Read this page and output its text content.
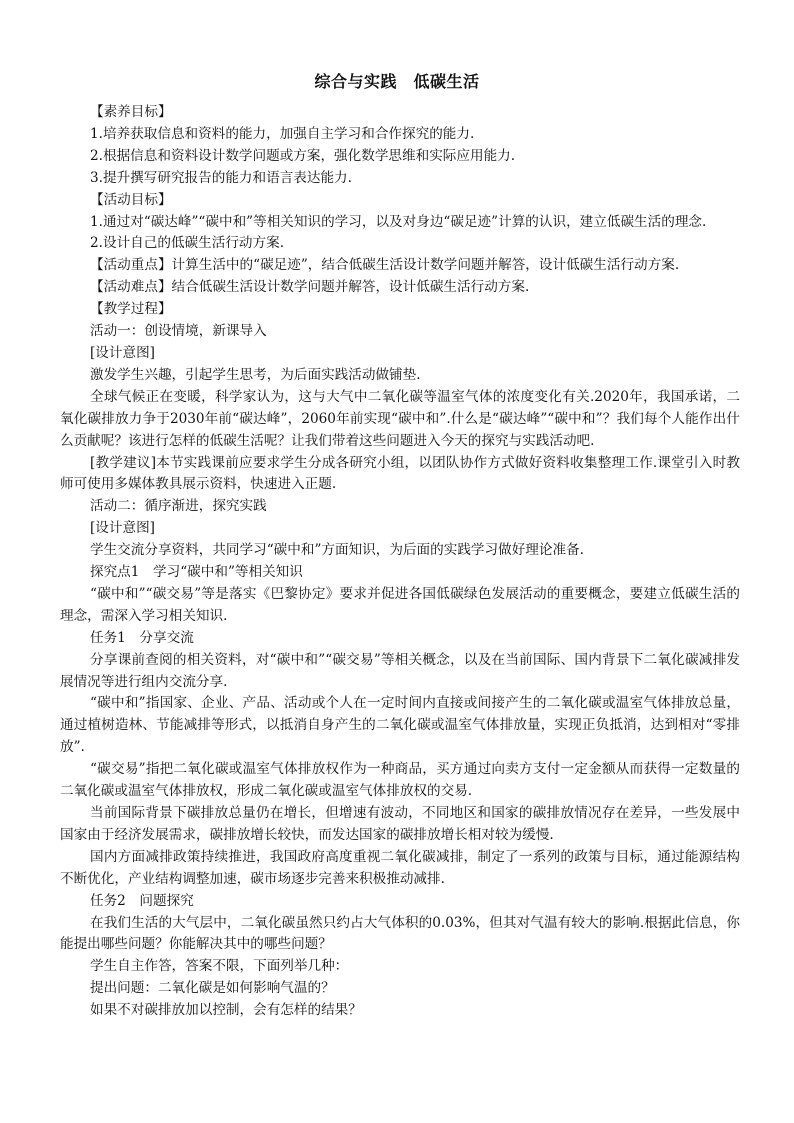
综合与实践　低碳生活

【素养目标】

1.培养获取信息和资料的能力，加强自主学习和合作探究的能力.

2.根据信息和资料设计数学问题或方案，强化数学思维和实际应用能力.

3.提升撰写研究报告的能力和语言表达能力.

【活动目标】

1.通过对“碳达峰”“碳中和”等相关知识的学习，以及对身边“碳足迹”计算的认识，建立低碳生活的理念.

2.设计自己的低碳生活行动方案.

【活动重点】计算生活中的“碳足迹”，结合低碳生活设计数学问题并解答，设计低碳生活行动方案.

【活动难点】结合低碳生活设计数学问题并解答，设计低碳生活行动方案.

【教学过程】

活动一：创设情境，新课导入

[设计意图]

激发学生兴趣，引起学生思考，为后面实践活动做铺垫.

全球气候正在变暖，科学家认为，这与大气中二氧化碳等温室气体的浓度变化有关.2020年，我国承诺，二氧化碳排放力争于2030年前“碳达峰”，2060年前实现“碳中和”.什么是“碳达峰”“碳中和”？我们每个人能作出什么贡献呢？该进行怎样的低碳生活呢？让我们带着这些问题进入今天的探究与实践活动吧.

[教学建议]本节实践课前应要求学生分成各研究小组，以团队协作方式做好资料收集整理工作.课堂引入时教师可使用多媒体教具展示资料，快速进入正题.

活动二：循序渐进，探究实践

[设计意图]

学生交流分享资料，共同学习“碳中和”方面知识，为后面的实践学习做好理论准备.

探究点1　学习“碳中和”等相关知识

“碳中和”“碳交易”等是落实《巴黎协定》要求并促进各国低碳绿色发展活动的重要概念，要建立低碳生活的理念，需深入学习相关知识.

任务1　分享交流

分享课前查阅的相关资料，对“碳中和”“碳交易”等相关概念，以及在当前国际、国内背景下二氧化碳减排发展情况等进行组内交流分享.

“碳中和”指国家、企业、产品、活动或个人在一定时间内直接或间接产生的二氧化碳或温室气体排放总量，通过植树造林、节能减排等形式，以抵消自身产生的二氧化碳或温室气体排放量，实现正负抵消，达到相对“零排放”.

“碳交易”指把二氧化碳或温室气体排放权作为一种商品，买方通过向卖方支付一定金额从而获得一定数量的二氧化碳或温室气体排放权，形成二氧化碳或温室气体排放权的交易.

当前国际背景下碳排放总量仍在增长，但增速有波动，不同地区和国家的碳排放情况存在差异，一些发展中国家由于经济发展需求，碳排放增长较快，而发达国家的碳排放增长相对较为缓慢.

国内方面减排政策持续推进，我国政府高度重视二氧化碳减排，制定了一系列的政策与目标，通过能源结构不断优化，产业结构调整加速，碳市场逐步完善来积极推动减排.

任务2　问题探究

在我们生活的大气层中，二氧化碳虽然只约占大气体积的0.03%，但其对气温有较大的影响.根据此信息，你能提出哪些问题？你能解决其中的哪些问题？

学生自主作答，答案不限，下面列举几种：

提出问题：二氧化碳是如何影响气温的？

如果不对碳排放加以控制，会有怎样的结果？
